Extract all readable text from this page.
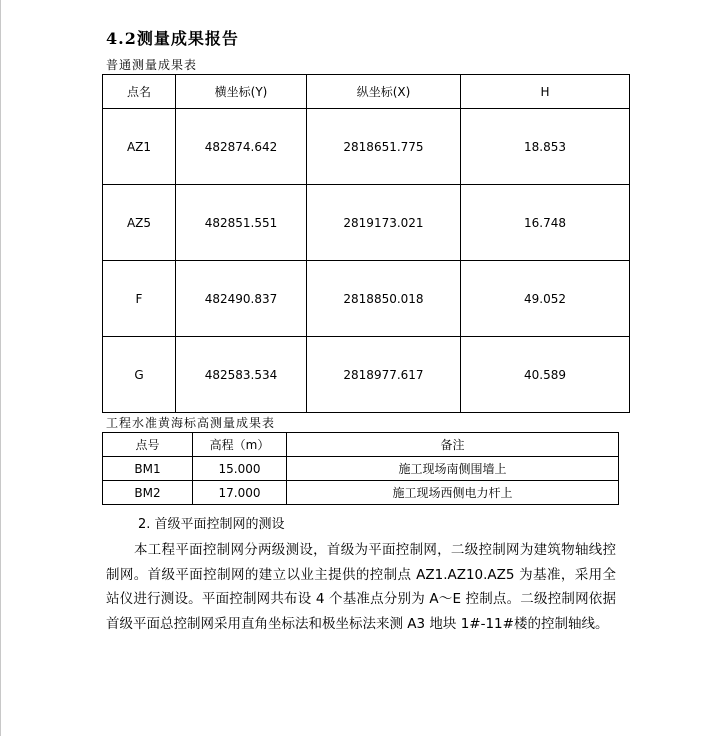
4.2测量成果报告
普通测量成果表
点名	横坐标(Y)	纵坐标(X)	H
AZ1	482874.642	2818651.775	18.853
AZ5	482851.551	2819173.021	16.748
F	482490.837	2818850.018	49.052
G	482583.534	2818977.617	40.589
工程水准黄海标高测量成果表
点号	高程（m）	备注
BM1	15.000	施工现场南侧围墙上
BM2	17.000	施工现场西侧电力杆上
2. 首级平面控制网的测设
本工程平面控制网分两级测设，首级为平面控制网，二级控制网为建筑物轴线控制网。首级平面控制网的建立以业主提供的控制点 AZ1.AZ10.AZ5 为基准，采用全站仪进行测设。平面控制网共布设 4 个基准点分别为 A～E 控制点。二级控制网依据首级平面总控制网采用直角坐标法和极坐标法来测 A3 地块 1#-11#楼的控制轴线。
